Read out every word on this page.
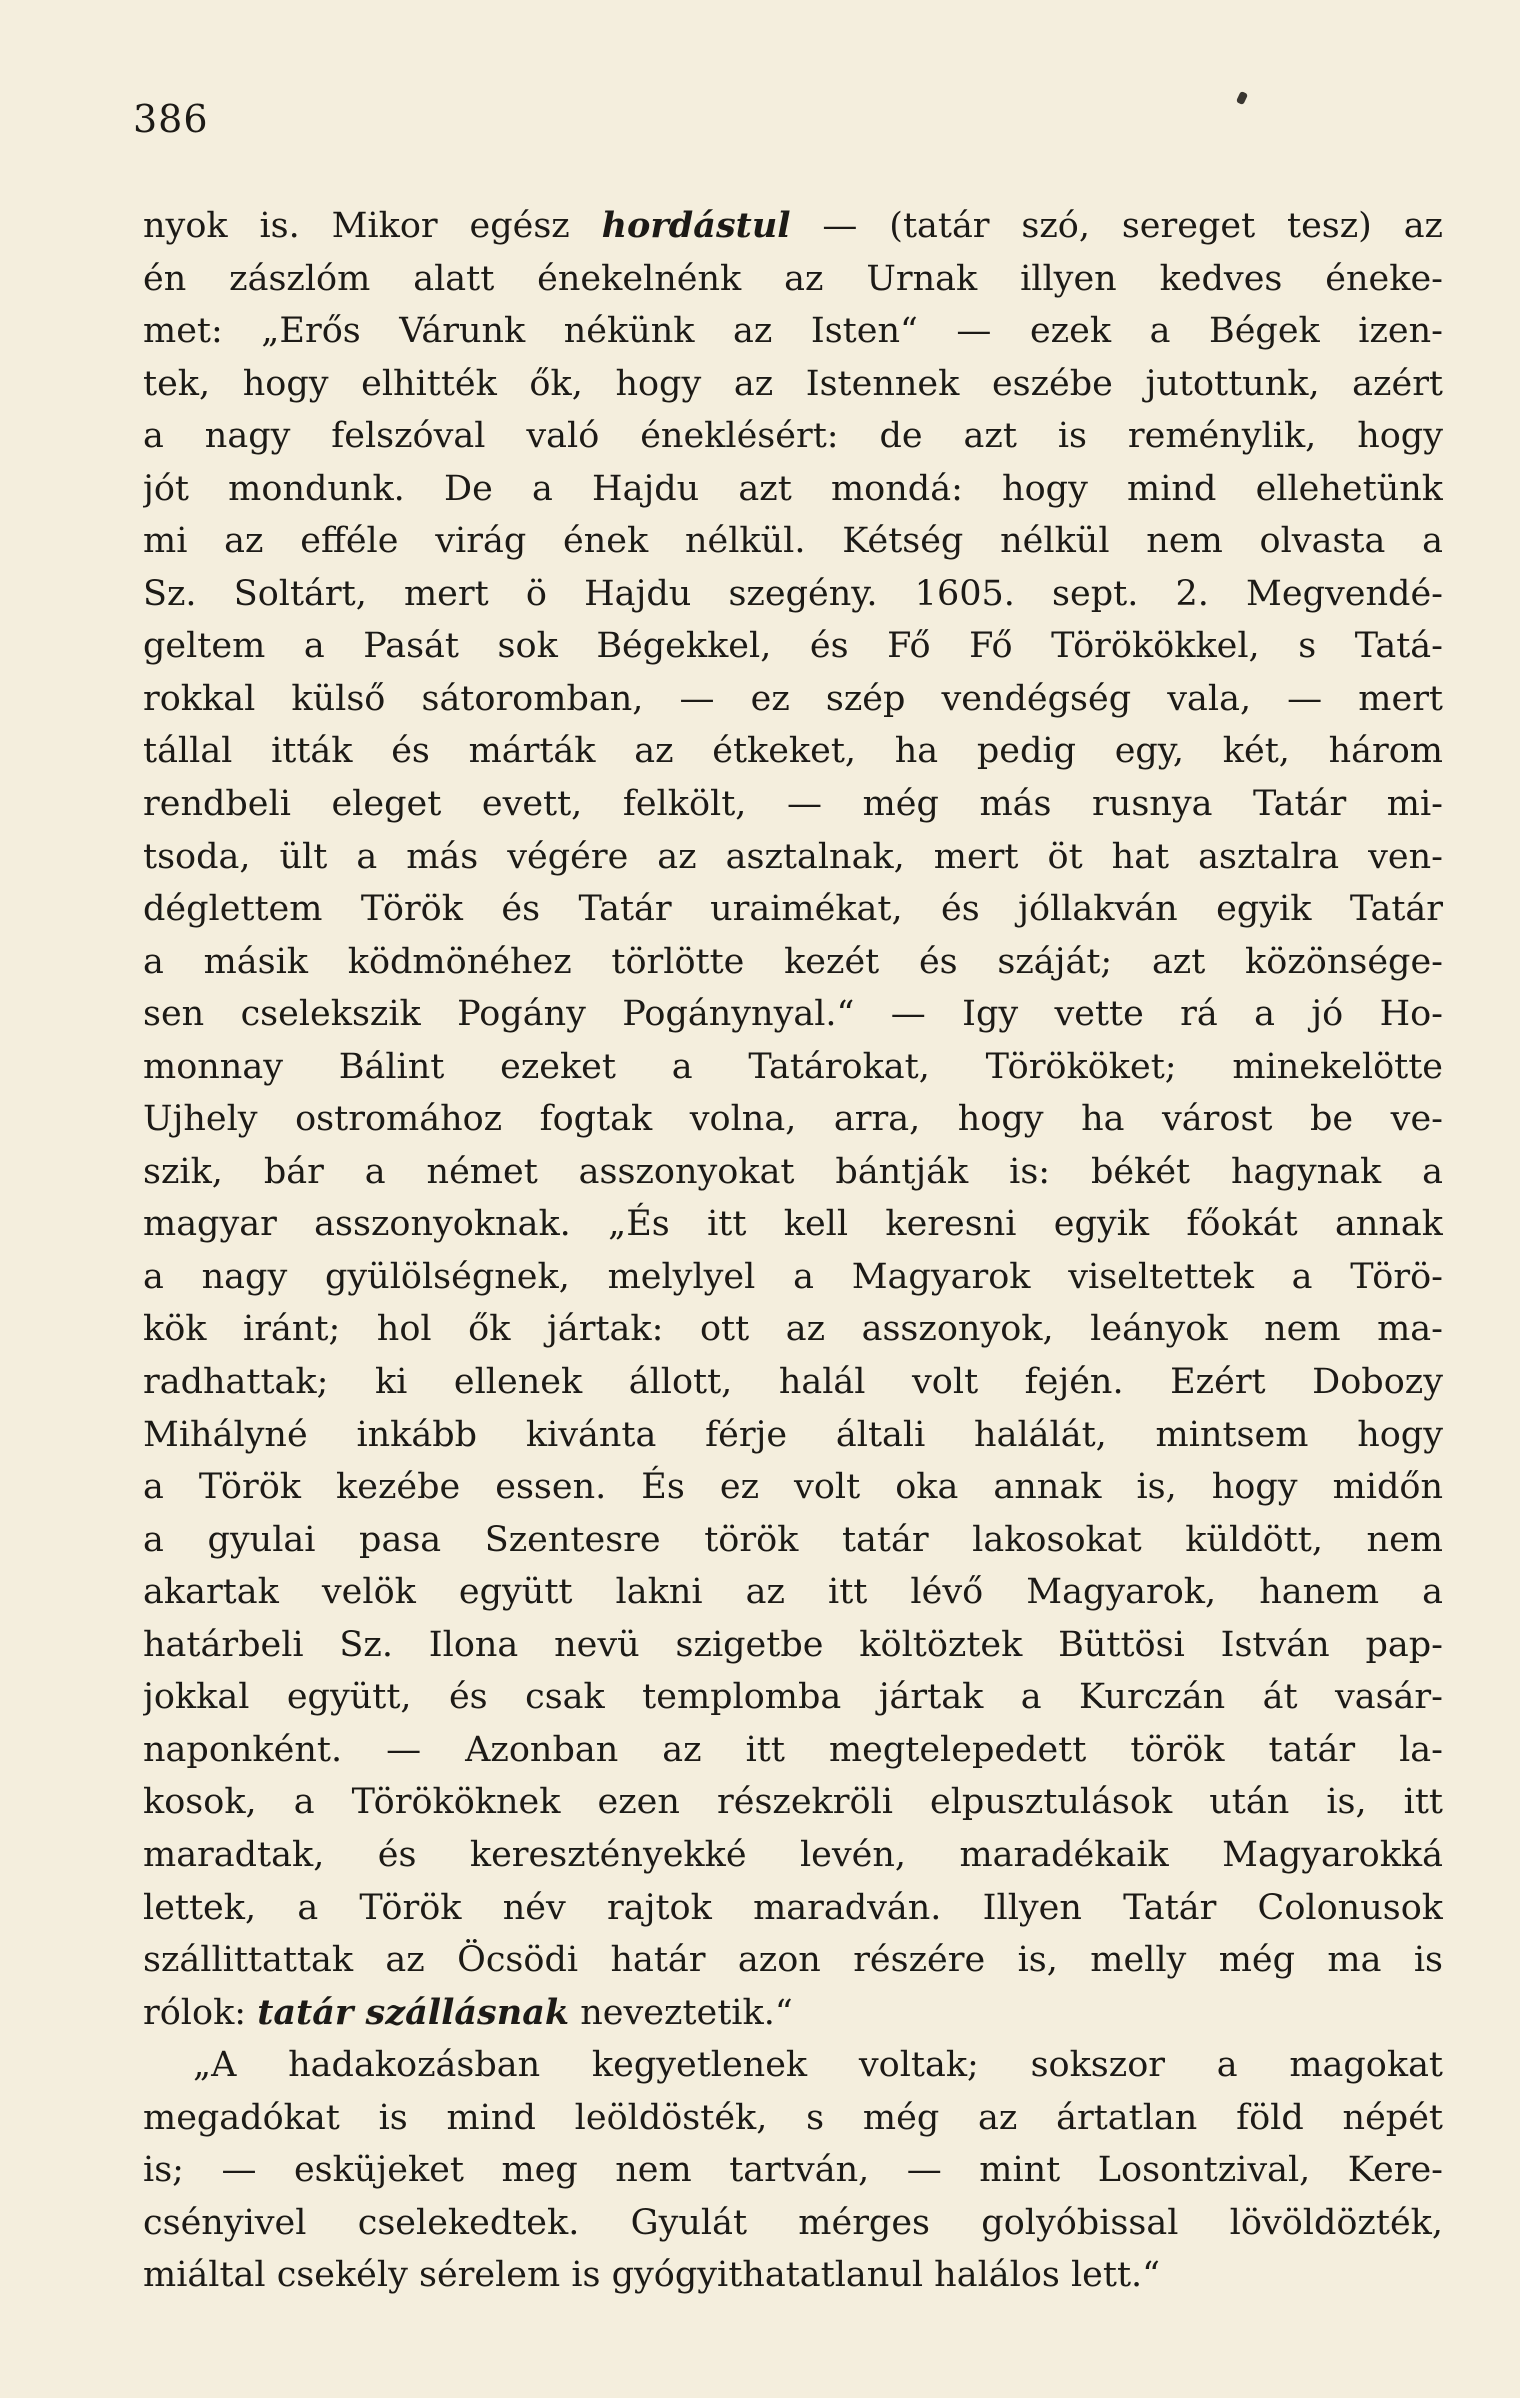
386
nyok is. Mikor egész hordástul — (tatár szó, sereget tesz) az
én zászlóm alatt énekelnénk az Urnak illyen kedves éneke-
met: „Erős Várunk nékünk az Isten“ — ezek a Bégek izen-
tek, hogy elhitték ők, hogy az Istennek eszébe jutottunk, azért
a nagy felszóval való éneklésért: de azt is reménylik, hogy
jót mondunk. De a Hajdu azt mondá: hogy mind ellehetünk
mi az efféle virág ének nélkül. Kétség nélkül nem olvasta a
Sz. Soltárt, mert ö Hajdu szegény. 1605. sept. 2. Megvendé-
geltem a Pasát sok Bégekkel, és Fő Fő Törökökkel, s Tatá-
rokkal külső sátoromban, — ez szép vendégség vala, — mert
tállal itták és márták az étkeket, ha pedig egy, két, három
rendbeli eleget evett, felkölt, — még más rusnya Tatár mi-
tsoda, ült a más végére az asztalnak, mert öt hat asztalra ven-
déglettem Török és Tatár uraimékat, és jóllakván egyik Tatár
a másik ködmönéhez törlötte kezét és száját; azt közönsége-
sen cselekszik Pogány Pogánynyal.“ — Igy vette rá a jó Ho-
monnay Bálint ezeket a Tatárokat, Törököket; minekelötte
Ujhely ostromához fogtak volna, arra, hogy ha várost be ve-
szik, bár a német asszonyokat bántják is: békét hagynak a
magyar asszonyoknak. „És itt kell keresni egyik főokát annak
a nagy gyülölségnek, melylyel a Magyarok viseltettek a Törö-
kök iránt; hol ők jártak: ott az asszonyok, leányok nem ma-
radhattak; ki ellenek állott, halál volt fején. Ezért Dobozy
Mihályné inkább kivánta férje általi halálát, mintsem hogy
a Török kezébe essen. És ez volt oka annak is, hogy midőn
a gyulai pasa Szentesre török tatár lakosokat küldött, nem
akartak velök együtt lakni az itt lévő Magyarok, hanem a
határbeli Sz. Ilona nevü szigetbe költöztek Büttösi István pap-
jokkal együtt, és csak templomba jártak a Kurczán át vasár-
naponként. — Azonban az itt megtelepedett török tatár la-
kosok, a Törököknek ezen részekröli elpusztulások után is, itt
maradtak, és keresztényekké levén, maradékaik Magyarokká
lettek, a Török név rajtok maradván. Illyen Tatár Colonusok
szállittattak az Öcsödi határ azon részére is, melly még ma is
rólok: tatár szállásnak neveztetik.“
„A hadakozásban kegyetlenek voltak; sokszor a magokat
megadókat is mind leöldösték, s még az ártatlan föld népét
is; — esküjeket meg nem tartván, — mint Losontzival, Kere-
csényivel cselekedtek. Gyulát mérges golyóbissal lövöldözték,
miáltal csekély sérelem is gyógyithatatlanul halálos lett.“
